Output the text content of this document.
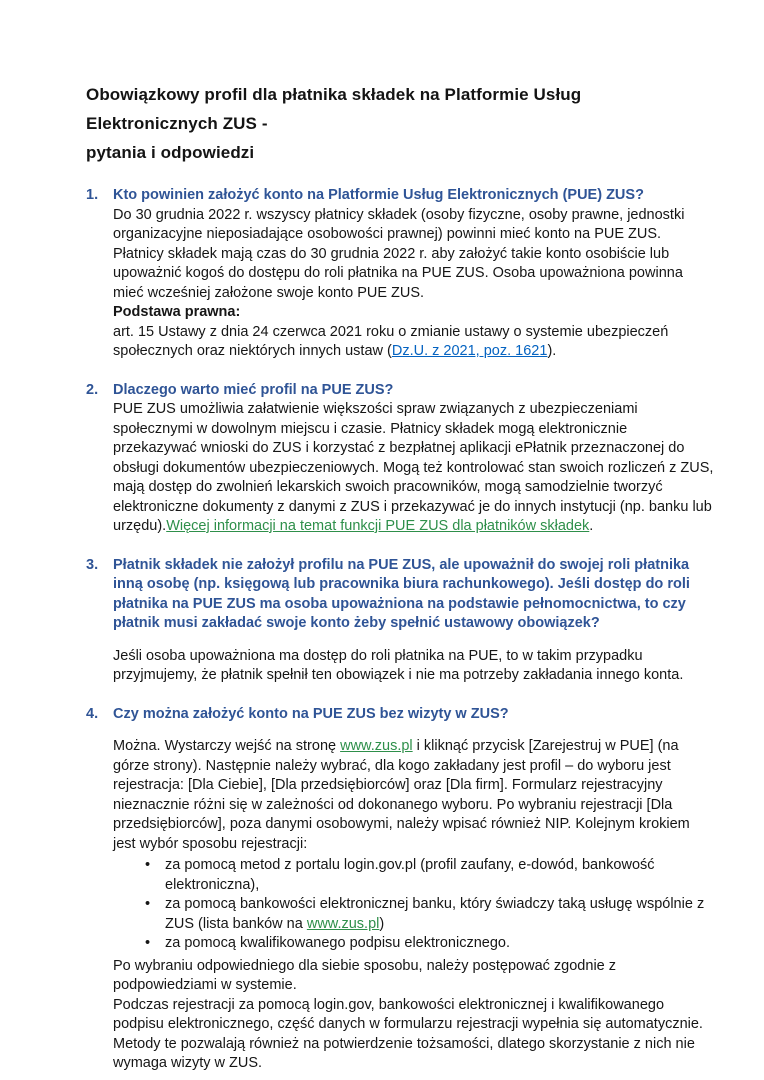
Obowiązkowy profil dla płatnika składek na Platformie Usług Elektronicznych ZUS -
pytania i odpowiedzi
1.	Kto powinien założyć konto na Platformie Usług Elektronicznych (PUE) ZUS?
Do 30 grudnia 2022 r. wszyscy płatnicy składek (osoby fizyczne, osoby prawne, jednostki organizacyjne nieposiadające osobowości prawnej) powinni mieć konto na PUE ZUS. Płatnicy składek mają czas do 30 grudnia 2022 r. aby założyć takie konto osobiście lub upoważnić kogoś do dostępu do roli płatnika na PUE ZUS. Osoba upoważniona powinna mieć wcześniej założone swoje konto PUE ZUS.
Podstawa prawna:
art. 15 Ustawy z dnia 24 czerwca 2021 roku o zmianie ustawy o systemie ubezpieczeń społecznych oraz niektórych innych ustaw (Dz.U. z 2021, poz. 1621).
2.	Dlaczego warto mieć profil na PUE ZUS?
PUE ZUS umożliwia załatwienie większości spraw związanych z ubezpieczeniami społecznymi w dowolnym miejscu i czasie. Płatnicy składek mogą elektronicznie przekazywać wnioski do ZUS i korzystać z bezpłatnej aplikacji ePłatnik przeznaczonej do obsługi dokumentów ubezpieczeniowych. Mogą też kontrolować stan swoich rozliczeń z ZUS, mają dostęp do zwolnień lekarskich swoich pracowników, mogą samodzielnie tworzyć elektroniczne dokumenty z danymi z ZUS i przekazywać je do innych instytucji (np. banku lub urzędu).Więcej informacji na temat funkcji PUE ZUS dla płatników składek.
3.	Płatnik składek nie założył profilu na PUE ZUS, ale upoważnił do swojej roli płatnika inną osobę (np. księgową lub pracownika biura rachunkowego). Jeśli dostęp do roli płatnika na PUE ZUS ma osoba upoważniona na podstawie pełnomocnictwa, to czy płatnik musi zakładać swoje konto żeby spełnić ustawowy obowiązek?
Jeśli osoba upoważniona ma dostęp do roli płatnika na PUE, to w takim przypadku przyjmujemy, że płatnik spełnił ten obowiązek i nie ma potrzeby zakładania innego konta.
4.	Czy można założyć konto na PUE ZUS bez wizyty w ZUS?
Można. Wystarczy wejść na stronę www.zus.pl i kliknąć przycisk [Zarejestruj w PUE] (na górze strony). Następnie należy wybrać, dla kogo zakładany jest profil – do wyboru jest rejestracja: [Dla Ciebie], [Dla przedsiębiorców] oraz [Dla firm]. Formularz rejestracyjny nieznacznie różni się w zależności od dokonanego wyboru. Po wybraniu rejestracji [Dla przedsiębiorców], poza danymi osobowymi, należy wpisać również NIP. Kolejnym krokiem jest wybór sposobu rejestracji:
• za pomocą metod z portalu login.gov.pl (profil zaufany, e-dowód, bankowość elektroniczna),
• za pomocą bankowości elektronicznej banku, który świadczy taką usługę wspólnie z ZUS (lista banków na www.zus.pl)
• za pomocą kwalifikowanego podpisu elektronicznego.
Po wybraniu odpowiedniego dla siebie sposobu, należy postępować zgodnie z podpowiedziami w systemie.
Podczas rejestracji za pomocą login.gov, bankowości elektronicznej i kwalifikowanego podpisu elektronicznego, część danych w formularzu rejestracji wypełnia się automatycznie. Metody te pozwalają również na potwierdzenie tożsamości, dlatego skorzystanie z nich nie wymaga wizyty w ZUS.
